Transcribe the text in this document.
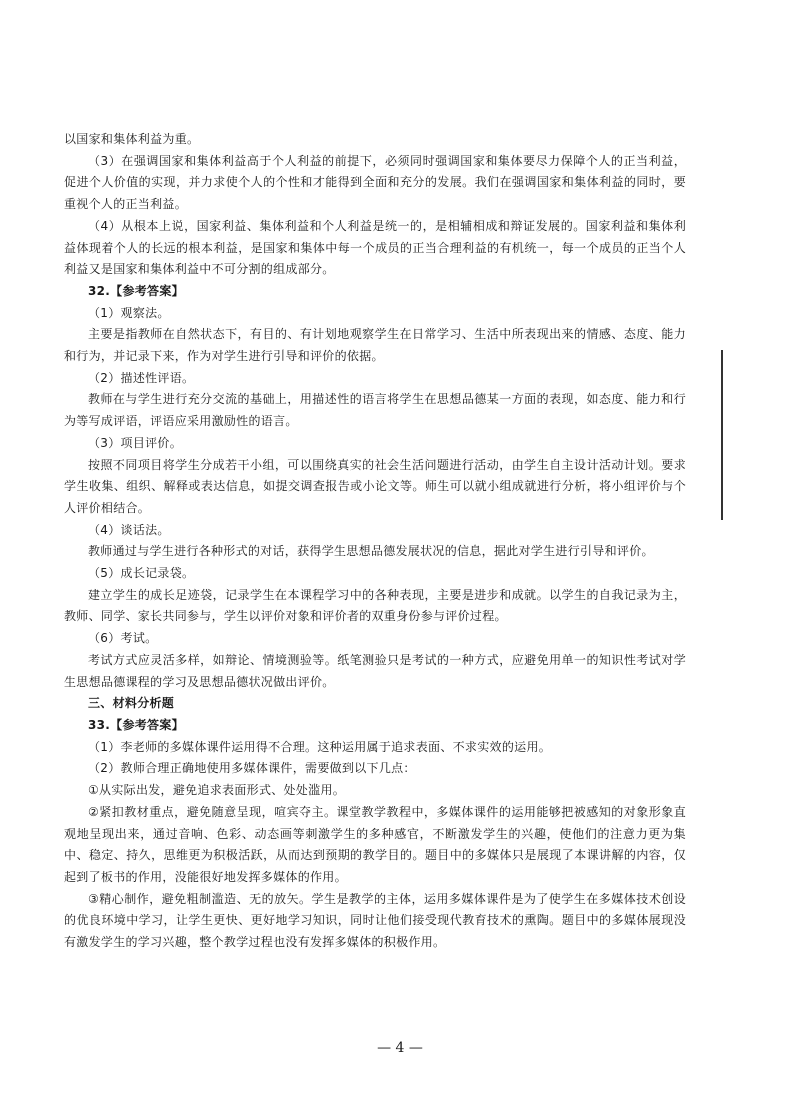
以国家和集体利益为重。

（3）在强调国家和集体利益高于个人利益的前提下，必须同时强调国家和集体要尽力保障个人的正当利益，促进个人价值的实现，并力求使个人的个性和才能得到全面和充分的发展。我们在强调国家和集体利益的同时，要重视个人的正当利益。

（4）从根本上说，国家利益、集体利益和个人利益是统一的，是相辅相成和辩证发展的。国家利益和集体利益体现着个人的长远的根本利益，是国家和集体中每一个成员的正当合理利益的有机统一，每一个成员的正当个人利益又是国家和集体利益中不可分割的组成部分。

32.【参考答案】

（1）观察法。

主要是指教师在自然状态下，有目的、有计划地观察学生在日常学习、生活中所表现出来的情感、态度、能力和行为，并记录下来，作为对学生进行引导和评价的依据。

（2）描述性评语。

教师在与学生进行充分交流的基础上，用描述性的语言将学生在思想品德某一方面的表现，如态度、能力和行为等写成评语，评语应采用激励性的语言。

（3）项目评价。

按照不同项目将学生分成若干小组，可以围绕真实的社会生活问题进行活动，由学生自主设计活动计划。要求学生收集、组织、解释或表达信息，如提交调查报告或小论文等。师生可以就小组成就进行分析，将小组评价与个人评价相结合。

（4）谈话法。

教师通过与学生进行各种形式的对话，获得学生思想品德发展状况的信息，据此对学生进行引导和评价。

（5）成长记录袋。

建立学生的成长足迹袋，记录学生在本课程学习中的各种表现，主要是进步和成就。以学生的自我记录为主，教师、同学、家长共同参与，学生以评价对象和评价者的双重身份参与评价过程。

（6）考试。

考试方式应灵活多样，如辩论、情境测验等。纸笔测验只是考试的一种方式，应避免用单一的知识性考试对学生思想品德课程的学习及思想品德状况做出评价。

三、材料分析题

33.【参考答案】

（1）李老师的多媒体课件运用得不合理。这种运用属于追求表面、不求实效的运用。

（2）教师合理正确地使用多媒体课件，需要做到以下几点：

①从实际出发，避免追求表面形式、处处滥用。

②紧扣教材重点，避免随意呈现，喧宾夺主。课堂教学教程中，多媒体课件的运用能够把被感知的对象形象直观地呈现出来，通过音响、色彩、动态画等刺激学生的多种感官，不断激发学生的兴趣，使他们的注意力更为集中、稳定、持久，思维更为积极活跃，从而达到预期的教学目的。题目中的多媒体只是展现了本课讲解的内容，仅起到了板书的作用，没能很好地发挥多媒体的作用。

③精心制作，避免粗制滥造、无的放矢。学生是教学的主体，运用多媒体课件是为了使学生在多媒体技术创设的优良环境中学习，让学生更快、更好地学习知识，同时让他们接受现代教育技术的熏陶。题目中的多媒体展现没有激发学生的学习兴趣，整个教学过程也没有发挥多媒体的积极作用。

— 4 —
